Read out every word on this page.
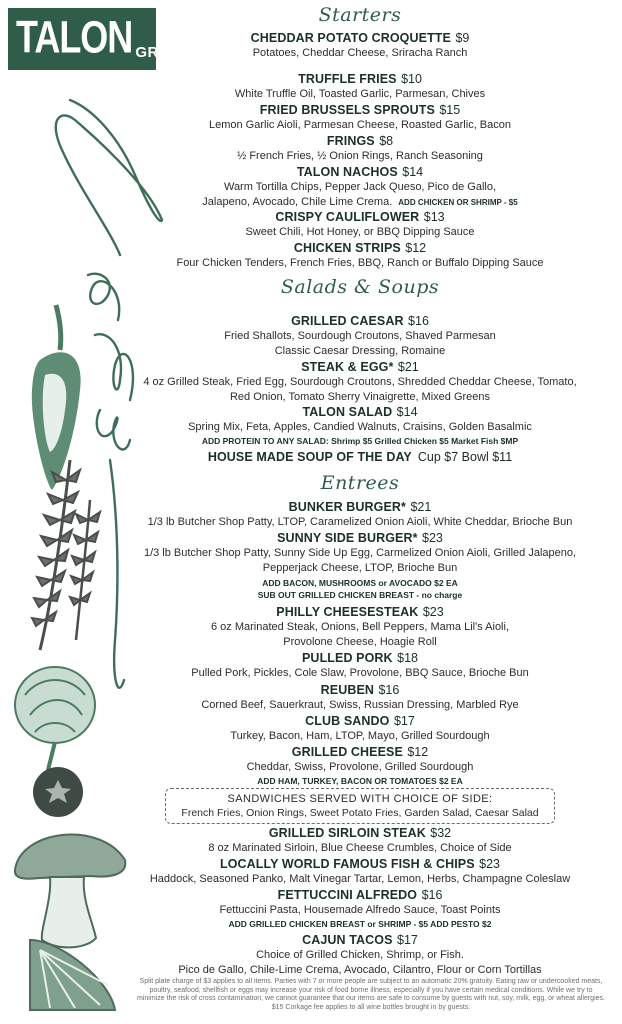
TALON GRILL
Starters
CHEDDAR POTATO CROQUETTE $9
Potatoes, Cheddar Cheese, Sriracha Ranch
TRUFFLE FRIES $10
White Truffle Oil, Toasted Garlic, Parmesan, Chives
FRIED BRUSSELS SPROUTS $15
Lemon Garlic Aioli, Parmesan Cheese, Roasted Garlic, Bacon
FRINGS $8
½ French Fries, ½ Onion Rings, Ranch Seasoning
TALON NACHOS $14
Warm Tortilla Chips, Pepper Jack Queso, Pico de Gallo,
Jalapeno, Avocado, Chile Lime Crema. ADD CHICKEN OR SHRIMP - $5
CRISPY CAULIFLOWER $13
Sweet Chili, Hot Honey, or BBQ Dipping Sauce
CHICKEN STRIPS $12
Four Chicken Tenders, French Fries, BBQ, Ranch or Buffalo Dipping Sauce
Salads & Soups
GRILLED CAESAR $16
Fried Shallots, Sourdough Croutons, Shaved Parmesan
Classic Caesar Dressing, Romaine
STEAK & EGG* $21
4 oz Grilled Steak, Fried Egg, Sourdough Croutons, Shredded Cheddar Cheese, Tomato,
Red Onion, Tomato Sherry Vinaigrette, Mixed Greens
TALON SALAD $14
Spring Mix, Feta, Apples, Candied Walnuts, Craisins, Golden Basalmic
ADD PROTEIN TO ANY SALAD: Shrimp $5 Grilled Chicken $5 Market Fish $MP
HOUSE MADE SOUP OF THE DAY Cup $7 Bowl $11
Entrees
BUNKER BURGER* $21
1/3 lb Butcher Shop Patty, LTOP, Caramelized Onion Aioli, White Cheddar, Brioche Bun
SUNNY SIDE BURGER* $23
1/3 lb Butcher Shop Patty, Sunny Side Up Egg, Carmelized Onion Aioli, Grilled Jalapeno,
Pepperjack Cheese, LTOP, Brioche Bun
ADD BACON, MUSHROOMS or AVOCADO $2 EA
SUB OUT GRILLED CHICKEN BREAST - no charge
PHILLY CHEESESTEAK $23
6 oz Marinated Steak, Onions, Bell Peppers, Mama Lil's Aioli,
Provolone Cheese, Hoagie Roll
PULLED PORK $18
Pulled Pork, Pickles, Cole Slaw, Provolone, BBQ Sauce, Brioche Bun
REUBEN $16
Corned Beef, Sauerkraut, Swiss, Russian Dressing, Marbled Rye
CLUB SANDO $17
Turkey, Bacon, Ham, LTOP, Mayo, Grilled Sourdough
GRILLED CHEESE $12
Cheddar, Swiss, Provolone, Grilled Sourdough
ADD HAM, TURKEY, BACON OR TOMATOES $2 EA
GRILLED SIRLOIN STEAK $32
8 oz Marinated Sirloin, Blue Cheese Crumbles, Choice of Side
LOCALLY WORLD FAMOUS FISH & CHIPS $23
Haddock, Seasoned Panko, Malt Vinegar Tartar, Lemon, Herbs, Champagne Coleslaw
FETTUCCINI ALFREDO $16
Fettuccini Pasta, Housemade Alfredo Sauce, Toast Points
ADD GRILLED CHICKEN BREAST or SHRIMP - $5 ADD PESTO $2
CAJUN TACOS $17
Choice of Grilled Chicken, Shrimp, or Fish.
Pico de Gallo, Chile-Lime Crema, Avocado, Cilantro, Flour or Corn Tortillas
SANDWICHES SERVED WITH CHOICE OF SIDE:
French Fries, Onion Rings, Sweet Potato Fries, Garden Salad, Caesar Salad
Split plate charge of $3 applies to all items. Parties with 7 or more people are subject to an automatic 20% gratuity. Eating raw or undercooked meats, poultry, seafood, shellfish or eggs may increase your risk of food borne illness, especially if you have certain medical conditions. While we try to minimize the risk of cross contamination, we cannot guarantee that our items are safe to consume by guests with nut, soy, milk, egg, or wheat allergies. $15 Corkage fee applies to all wine bottles brought in by guests.
